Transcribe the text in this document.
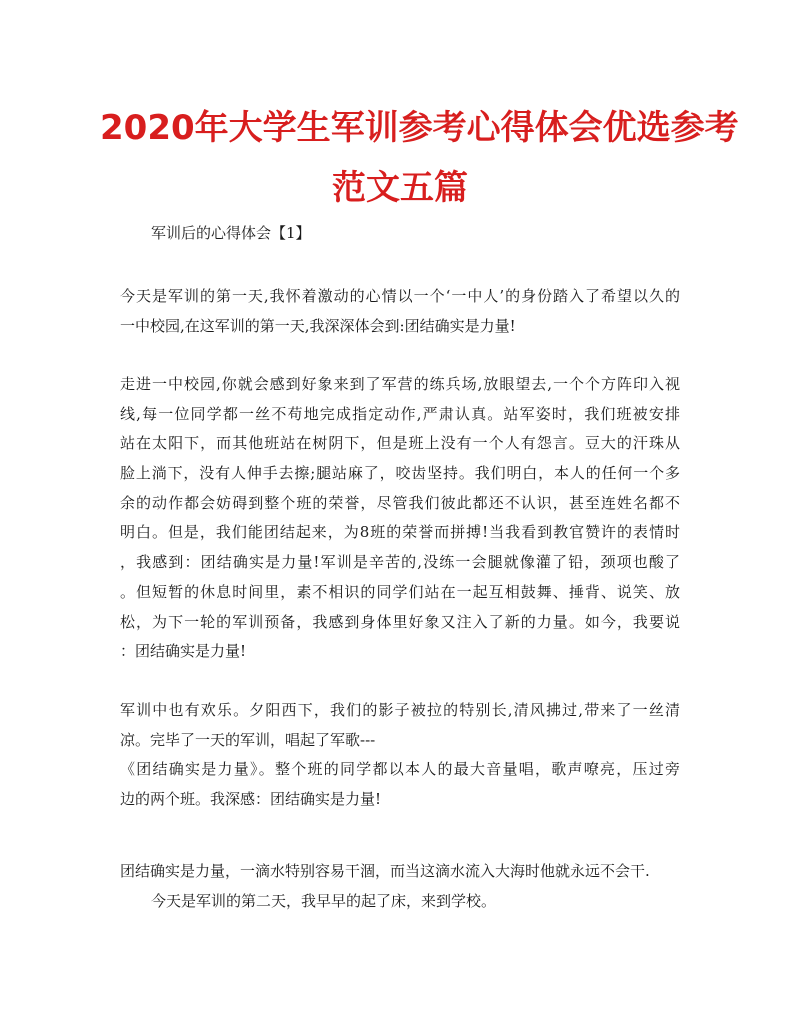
2020年大学生军训参考心得体会优选参考
范文五篇

军训后的心得体会【1】

今天是军训的第一天,我怀着激动的心情以一个‘一中人’的身份踏入了希望以久的
一中校园,在这军训的第一天,我深深体会到:团结确实是力量!
走进一中校园,你就会感到好象来到了军营的练兵场,放眼望去,一个个方阵印入视
线,每一位同学都一丝不苟地完成指定动作,严肃认真。站军姿时，我们班被安排
站在太阳下，而其他班站在树阴下，但是班上没有一个人有怨言。豆大的汗珠从
脸上淌下，没有人伸手去擦;腿站麻了，咬齿坚持。我们明白，本人的任何一个多
余的动作都会妨碍到整个班的荣誉，尽管我们彼此都还不认识，甚至连姓名都不
明白。但是，我们能团结起来，为8班的荣誉而拼搏!当我看到教官赞许的表情时
，我感到：团结确实是力量!军训是辛苦的,没练一会腿就像灌了铅，颈项也酸了
。但短暂的休息时间里，素不相识的同学们站在一起互相鼓舞、捶背、说笑、放
松，为下一轮的军训预备，我感到身体里好象又注入了新的力量。如今，我要说
：团结确实是力量!
军训中也有欢乐。夕阳西下，我们的影子被拉的特别长,清风拂过,带来了一丝清
凉。完毕了一天的军训，唱起了军歌---
《团结确实是力量》。整个班的同学都以本人的最大音量唱，歌声嘹亮，压过旁
边的两个班。我深感：团结确实是力量!
团结确实是力量，一滴水特别容易干涸，而当这滴水流入大海时他就永远不会干.
今天是军训的第二天，我早早的起了床，来到学校。
